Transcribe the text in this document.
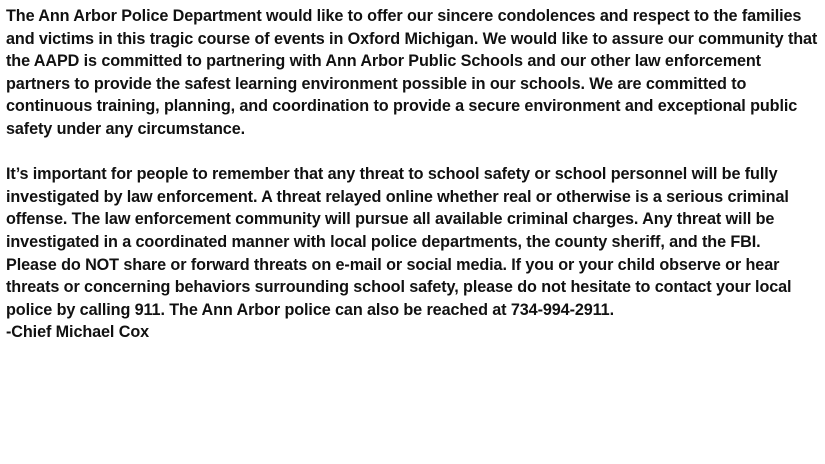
The Ann Arbor Police Department would like to offer our sincere condolences and respect to the families and victims in this tragic course of events in Oxford Michigan. We would like to assure our community that the AAPD is committed to partnering with Ann Arbor Public Schools and our other law enforcement partners to provide the safest learning environment possible in our schools. We are committed to continuous training, planning, and coordination to provide a secure environment and exceptional public safety under any circumstance.

It’s important for people to remember that any threat to school safety or school personnel will be fully investigated by law enforcement. A threat relayed online whether real or otherwise is a serious criminal offense. The law enforcement community will pursue all available criminal charges. Any threat will be investigated in a coordinated manner with local police departments, the county sheriff, and the FBI.

Please do NOT share or forward threats on e-mail or social media. If you or your child observe or hear threats or concerning behaviors surrounding school safety, please do not hesitate to contact your local police by calling 911. The Ann Arbor police can also be reached at 734-994-2911.

-Chief Michael Cox
